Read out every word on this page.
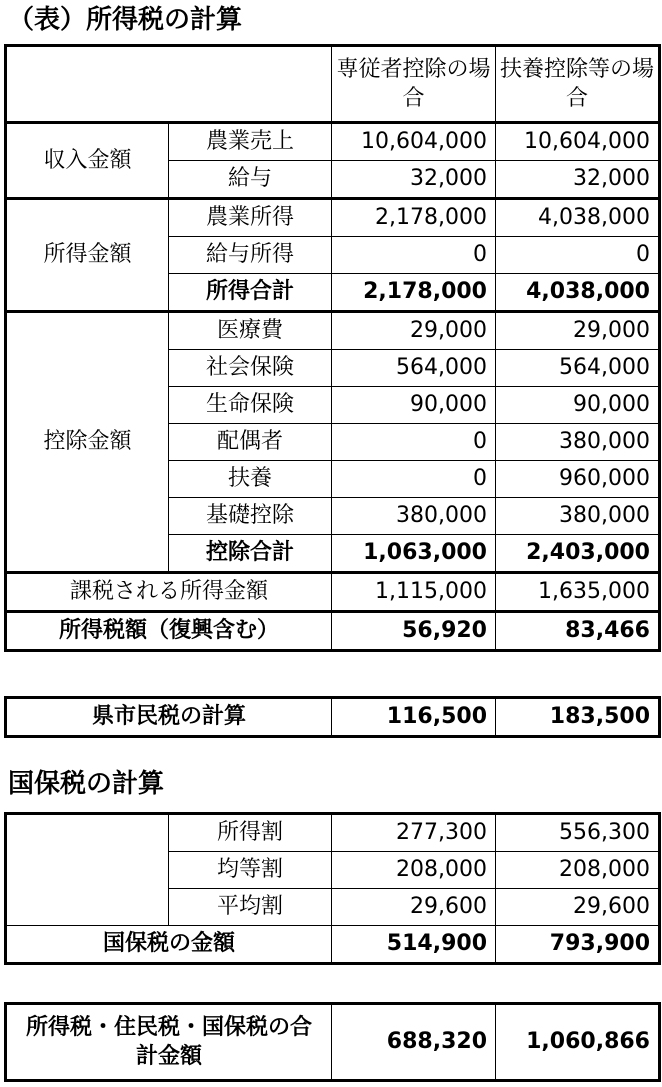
（表）所得税の計算
		専従者控除の場合	扶養控除等の場合
収入金額	農業売上	10,604,000	10,604,000
	給与	32,000	32,000
所得金額	農業所得	2,178,000	4,038,000
	給与所得	0	0
	所得合計	2,178,000	4,038,000
控除金額	医療費	29,000	29,000
	社会保険	564,000	564,000
	生命保険	90,000	90,000
	配偶者	0	380,000
	扶養	0	960,000
	基礎控除	380,000	380,000
	控除合計	1,063,000	2,403,000
課税される所得金額		1,115,000	1,635,000
所得税額（復興含む）		56,920	83,466
県市民税の計算	116,500	183,500
国保税の計算
	所得割	277,300	556,300
	均等割	208,000	208,000
	平均割	29,600	29,600
国保税の金額		514,900	793,900
所得税・住民税・国保税の合計金額	688,320	1,060,866
